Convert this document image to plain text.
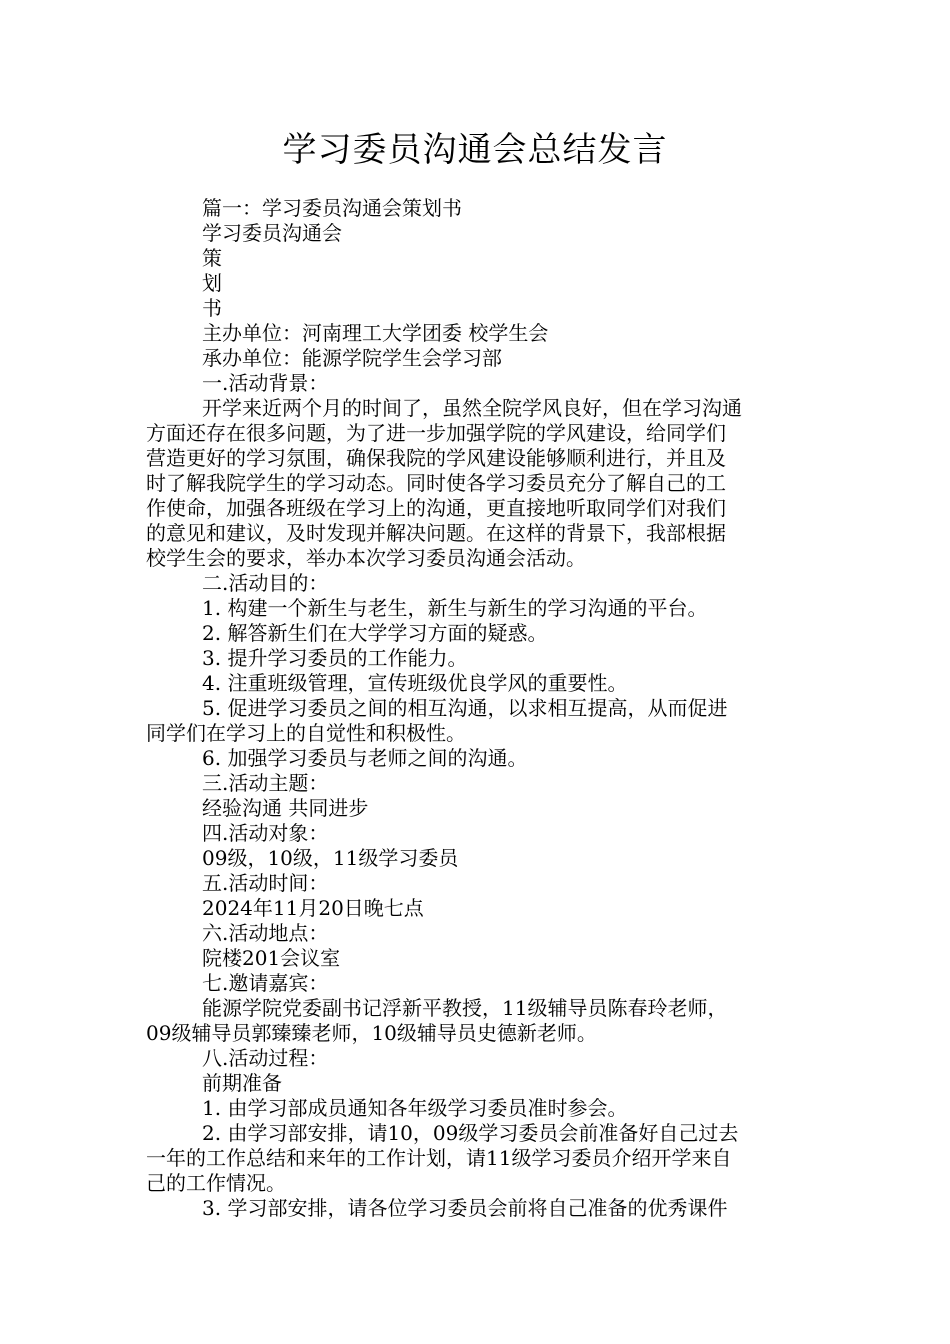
学习委员沟通会总结发言
篇一：学习委员沟通会策划书
学习委员沟通会
策
划
书
主办单位：河南理工大学团委 校学生会
承办单位：能源学院学生会学习部
一.活动背景：
开学来近两个月的时间了，虽然全院学风良好，但在学习沟通
方面还存在很多问题，为了进一步加强学院的学风建设，给同学们
营造更好的学习氛围，确保我院的学风建设能够顺利进行，并且及
时了解我院学生的学习动态。同时使各学习委员充分了解自己的工
作使命，加强各班级在学习上的沟通，更直接地听取同学们对我们
的意见和建议，及时发现并解决问题。在这样的背景下，我部根据
校学生会的要求，举办本次学习委员沟通会活动。
二.活动目的：
1. 构建一个新生与老生，新生与新生的学习沟通的平台。
2. 解答新生们在大学学习方面的疑惑。
3. 提升学习委员的工作能力。
4. 注重班级管理，宣传班级优良学风的重要性。
5. 促进学习委员之间的相互沟通，以求相互提高，从而促进
同学们在学习上的自觉性和积极性。
6. 加强学习委员与老师之间的沟通。
三.活动主题：
经验沟通 共同进步
四.活动对象：
09级，10级，11级学习委员
五.活动时间：
2024年11月20日晚七点
六.活动地点：
院楼201会议室
七.邀请嘉宾：
能源学院党委副书记浮新平教授，11级辅导员陈春玲老师，
09级辅导员郭臻臻老师，10级辅导员史德新老师。
八.活动过程：
前期准备
1. 由学习部成员通知各年级学习委员准时参会。
2. 由学习部安排，请10，09级学习委员会前准备好自己过去
一年的工作总结和来年的工作计划，请11级学习委员介绍开学来自
己的工作情况。
3. 学习部安排，请各位学习委员会前将自己准备的优秀课件
